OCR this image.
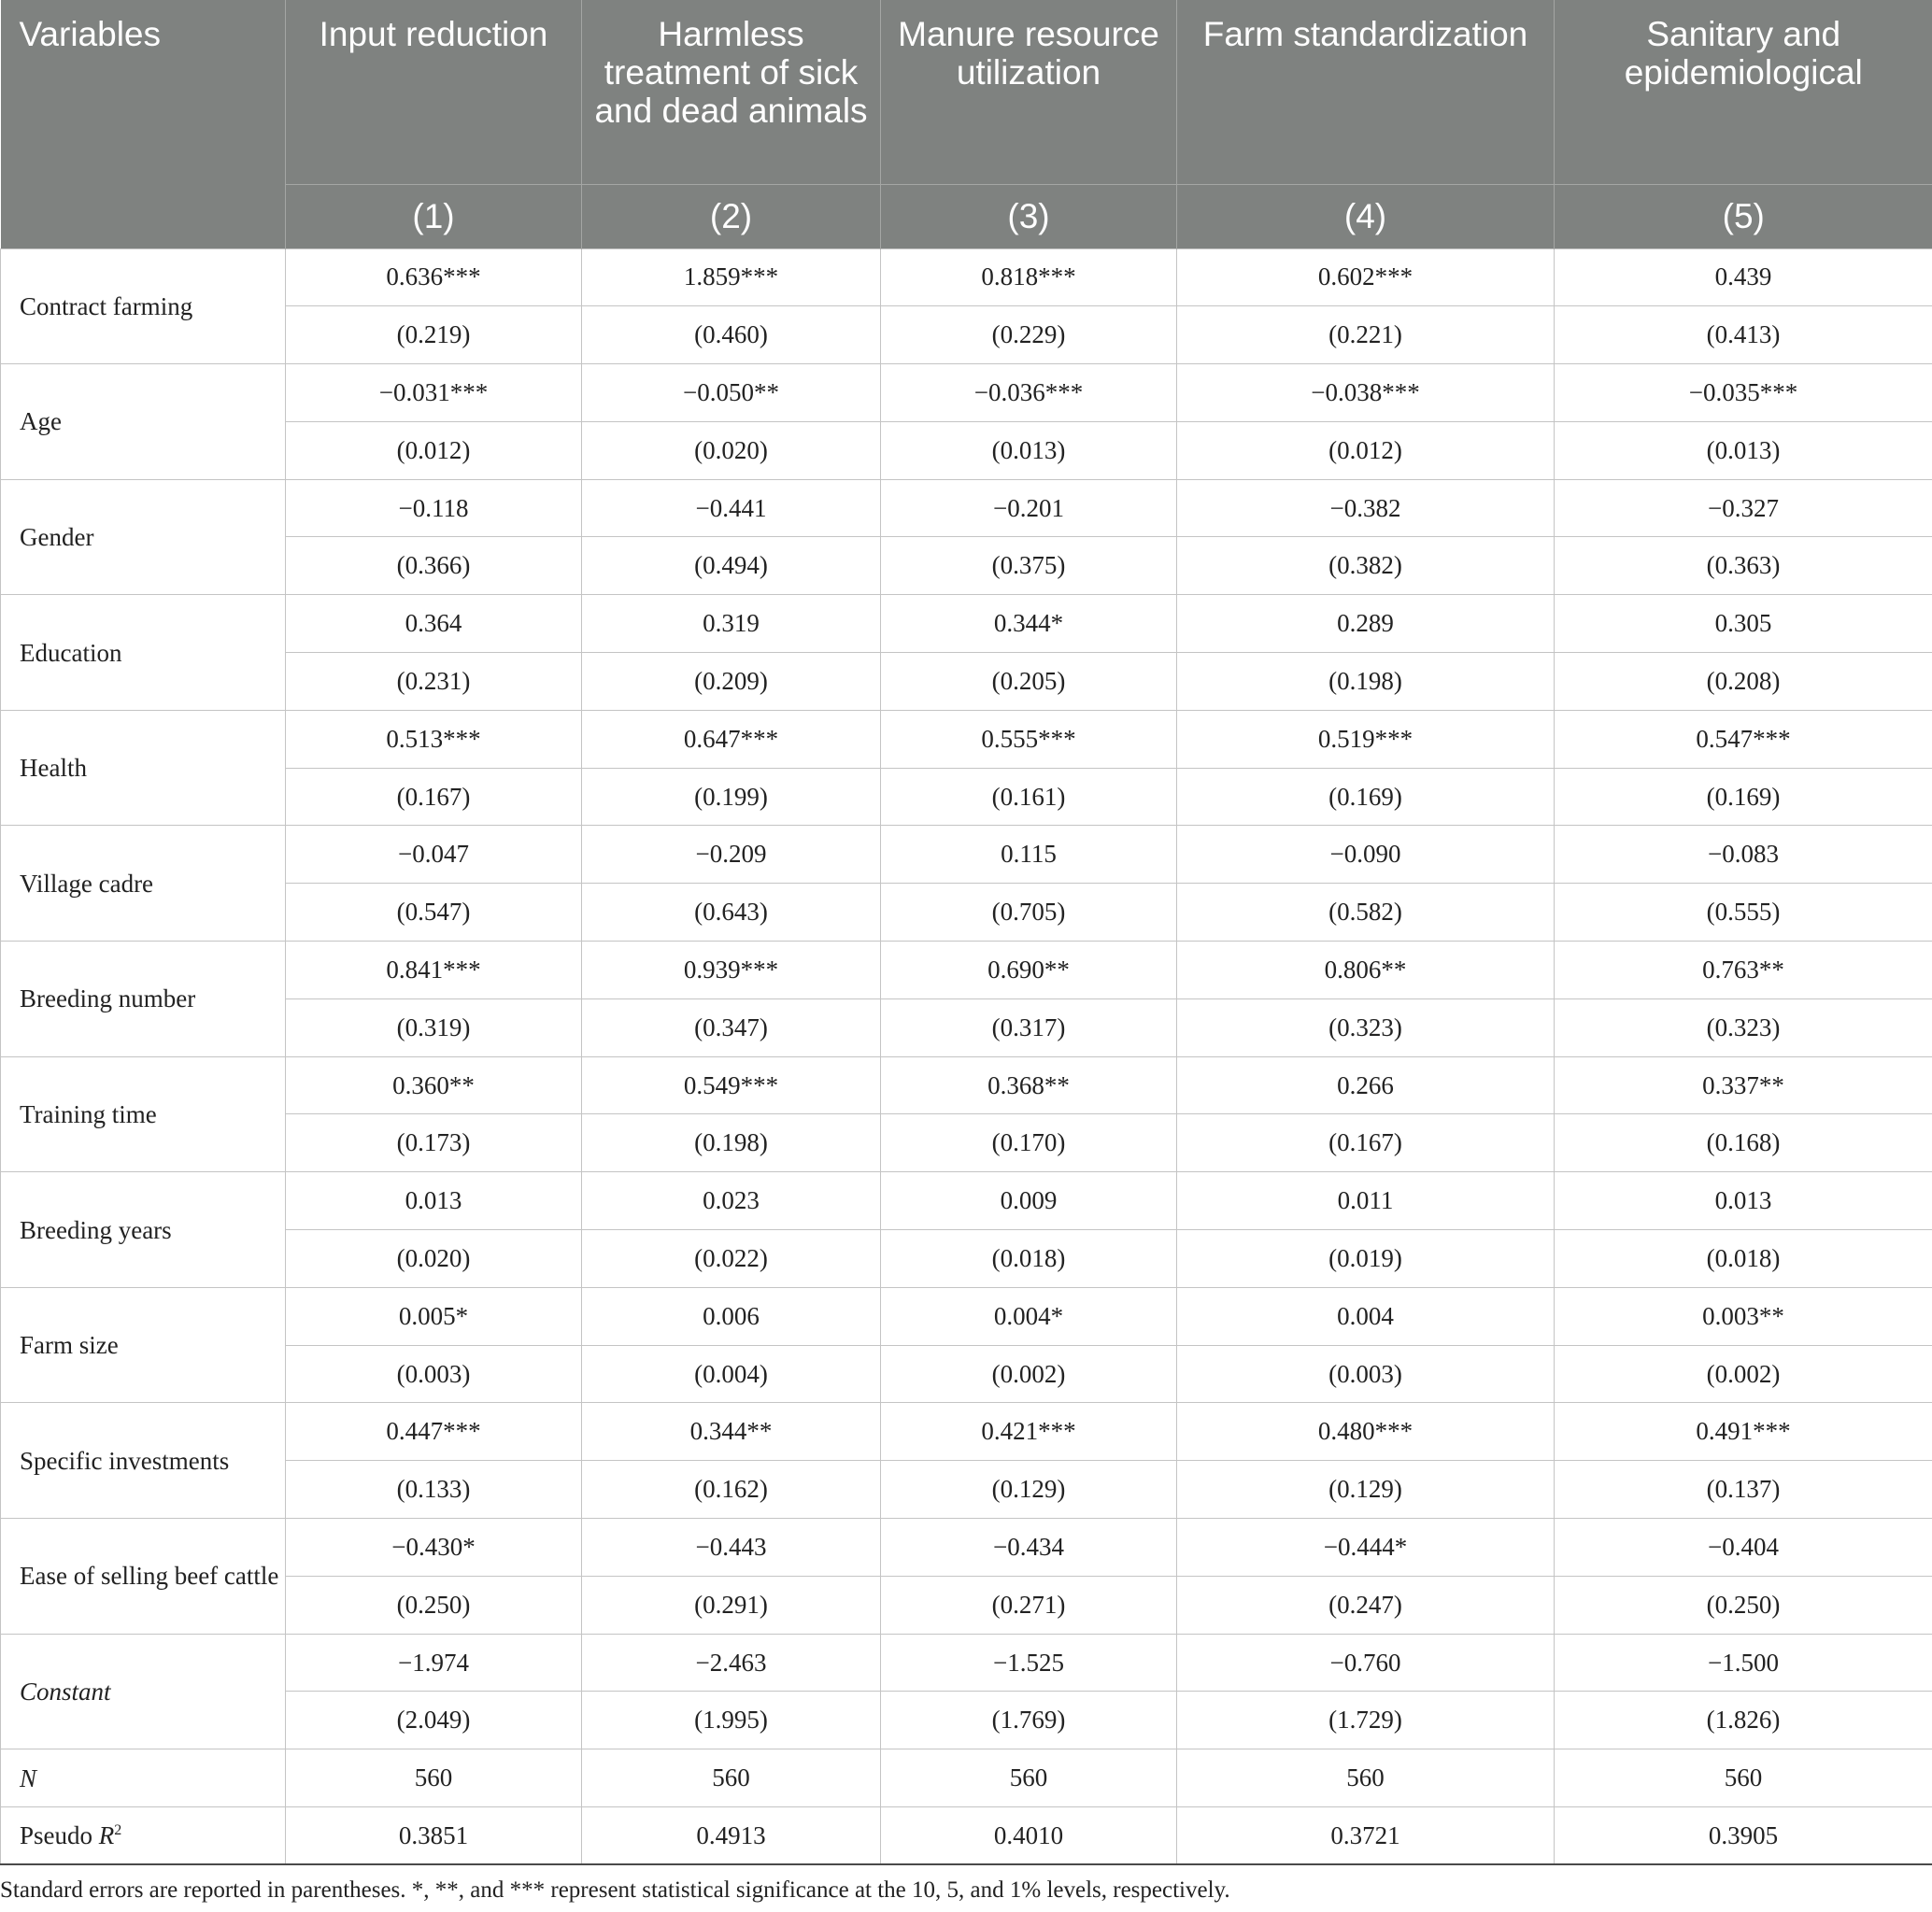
Variables	Input reduction	Harmless treatment of sick and dead animals	Manure resource utilization	Farm standardization	Sanitary and epidemiological
	(1)	(2)	(3)	(4)	(5)
Contract farming	0.636***	1.859***	0.818***	0.602***	0.439
	(0.219)	(0.460)	(0.229)	(0.221)	(0.413)
Age	−0.031***	−0.050**	−0.036***	−0.038***	−0.035***
	(0.012)	(0.020)	(0.013)	(0.012)	(0.013)
Gender	−0.118	−0.441	−0.201	−0.382	−0.327
	(0.366)	(0.494)	(0.375)	(0.382)	(0.363)
Education	0.364	0.319	0.344*	0.289	0.305
	(0.231)	(0.209)	(0.205)	(0.198)	(0.208)
Health	0.513***	0.647***	0.555***	0.519***	0.547***
	(0.167)	(0.199)	(0.161)	(0.169)	(0.169)
Village cadre	−0.047	−0.209	0.115	−0.090	−0.083
	(0.547)	(0.643)	(0.705)	(0.582)	(0.555)
Breeding number	0.841***	0.939***	0.690**	0.806**	0.763**
	(0.319)	(0.347)	(0.317)	(0.323)	(0.323)
Training time	0.360**	0.549***	0.368**	0.266	0.337**
	(0.173)	(0.198)	(0.170)	(0.167)	(0.168)
Breeding years	0.013	0.023	0.009	0.011	0.013
	(0.020)	(0.022)	(0.018)	(0.019)	(0.018)
Farm size	0.005*	0.006	0.004*	0.004	0.003**
	(0.003)	(0.004)	(0.002)	(0.003)	(0.002)
Specific investments	0.447***	0.344**	0.421***	0.480***	0.491***
	(0.133)	(0.162)	(0.129)	(0.129)	(0.137)
Ease of selling beef cattle	−0.430*	−0.443	−0.434	−0.444*	−0.404
	(0.250)	(0.291)	(0.271)	(0.247)	(0.250)
Constant	−1.974	−2.463	−1.525	−0.760	−1.500
	(2.049)	(1.995)	(1.769)	(1.729)	(1.826)
N	560	560	560	560	560
Pseudo $R^2$	0.3851	0.4913	0.4010	0.3721	0.3905
Standard errors are reported in parentheses. *, **, and *** represent statistical significance at the 10, 5, and 1% levels, respectively.
